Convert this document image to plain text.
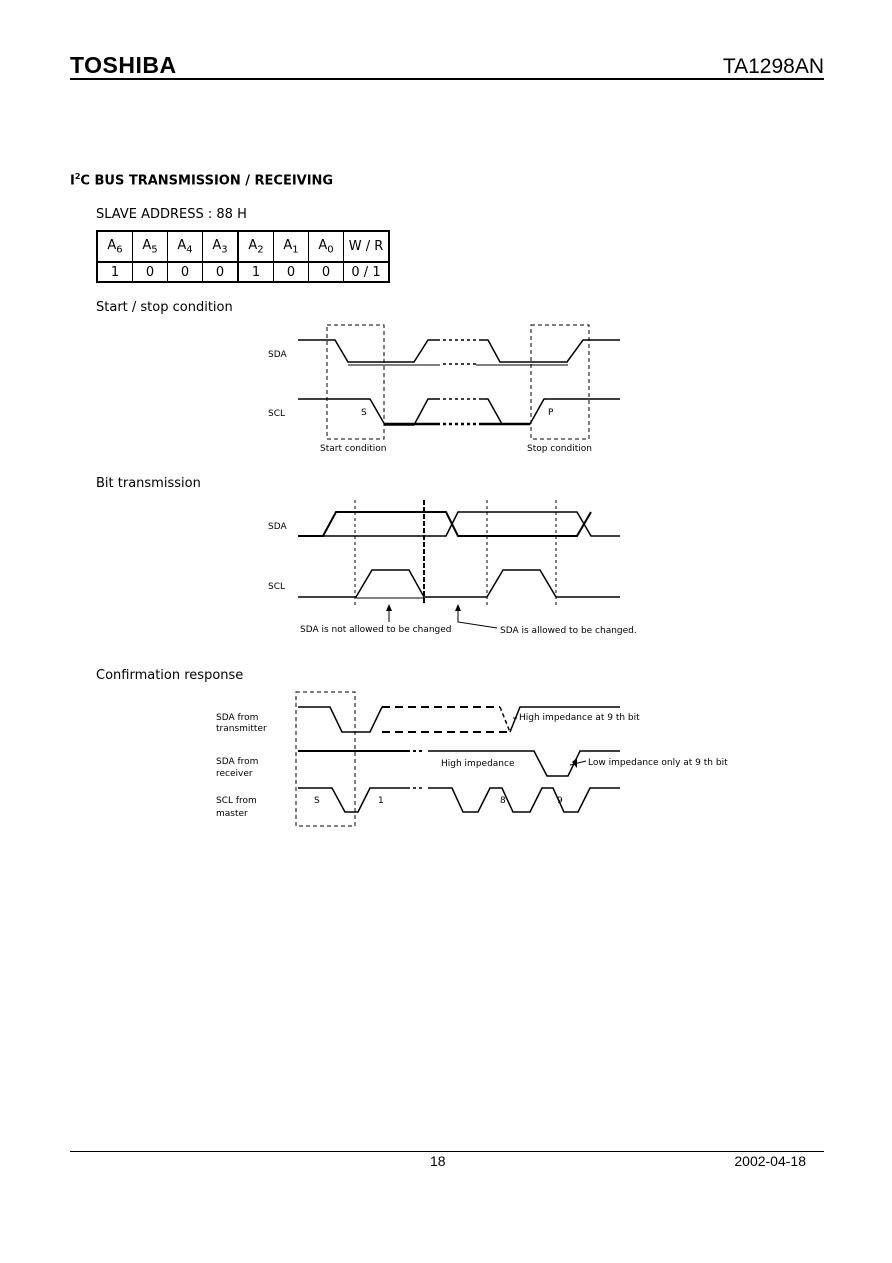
TOSHIBA	TA1298AN
$I^2C$ BUS TRANSMISSION / RECEIVING
SLAVE ADDRESS : 88 H
$A_6$	$A_5$	$A_4$	$A_3$	$A_2$	$A_1$	$A_0$	W / R
1	0	0	0	1	0	0	0 / 1
Start / stop condition
Bit transmission
Confirmation response
SDA
SCL	S	P
Start condition	Stop condition
SDA
SCL
SDA is not allowed to be changed	SDA is allowed to be changed.
SDA from
transmitter
SDA from
receiver
SCL from
master
High impedance at 9 th bit
High impedance	Low impedance only at 9 th bit
S	1	8	9
18	2002-04-18
